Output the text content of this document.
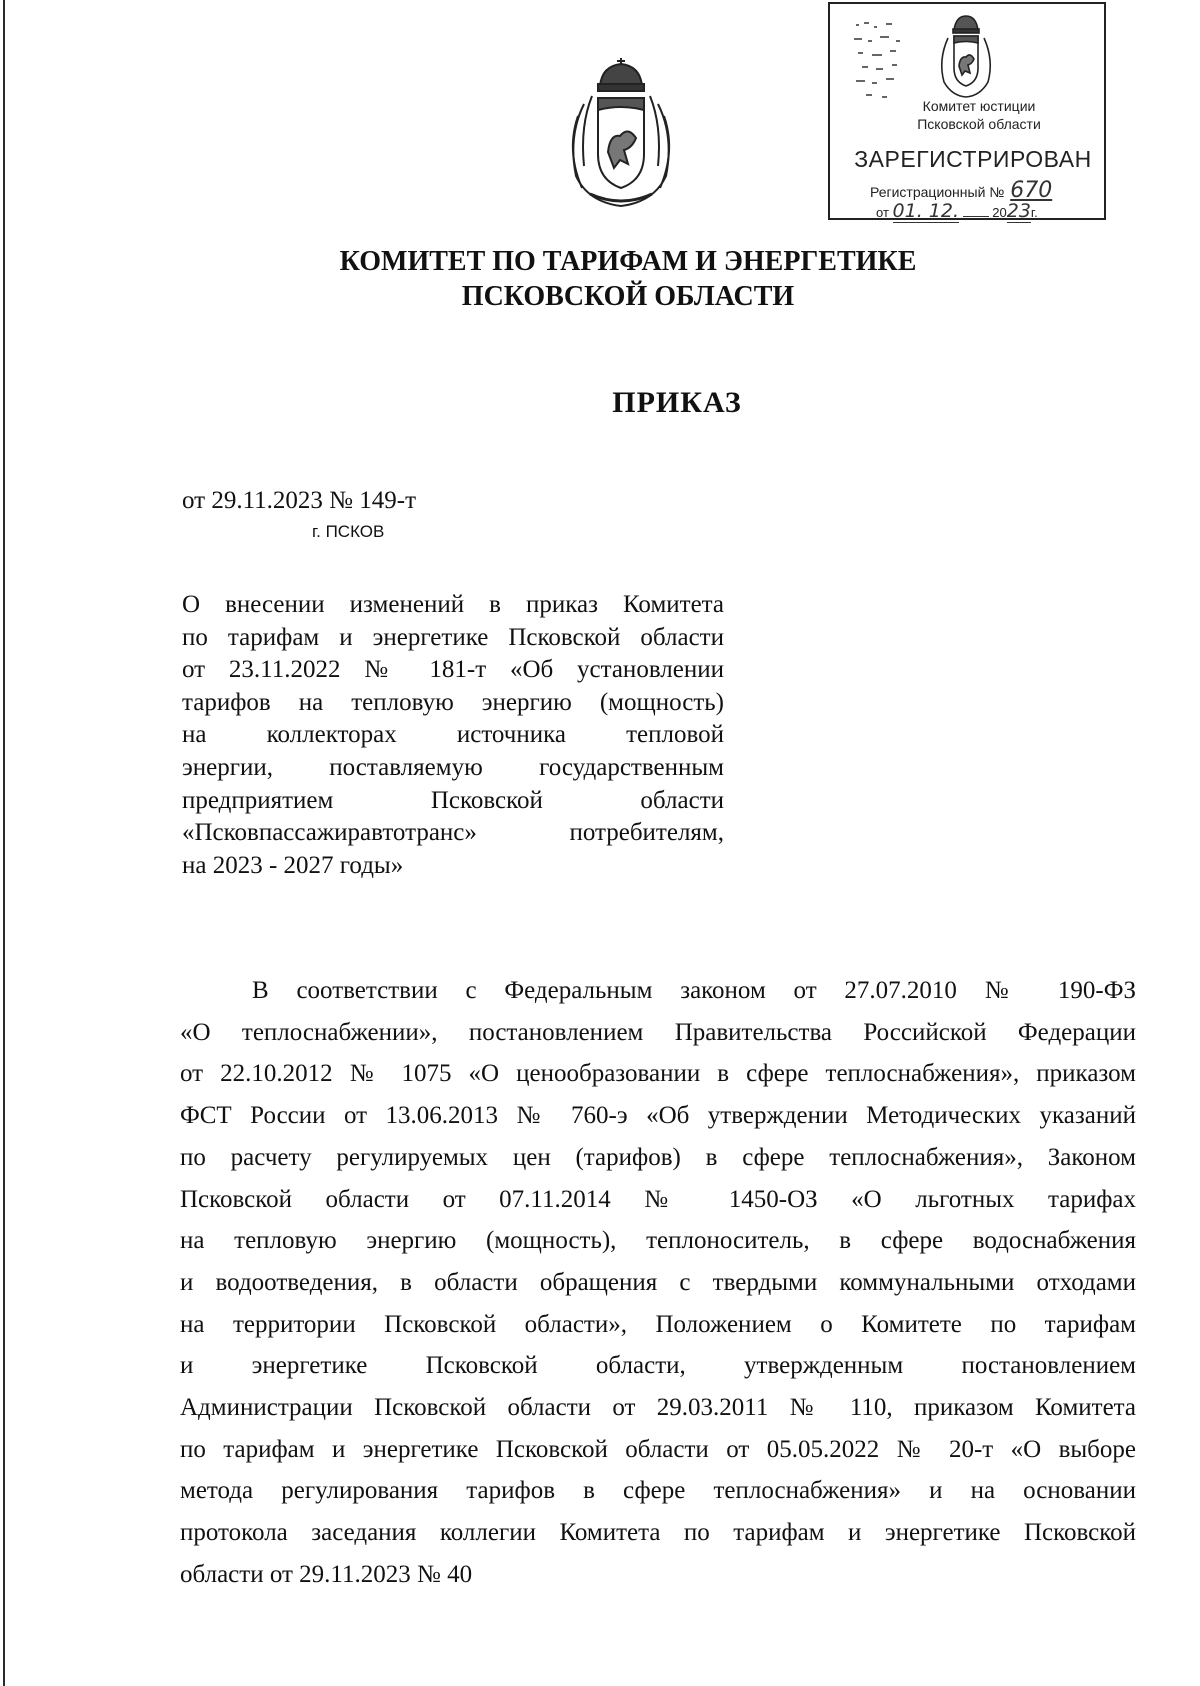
Комитет юстиции
Псковской области
ЗАРЕГИСТРИРОВАН
Регистрационный № 670
от 01. 12.	2023г.
КОМИТЕТ ПО ТАРИФАМ И ЭНЕРГЕТИКЕ
ПСКОВСКОЙ ОБЛАСТИ
ПРИКАЗ
от 29.11.2023 № 149-т
г. ПСКОВ
О внесении изменений в приказ Комитета
по тарифам и энергетике Псковской области
от 23.11.2022 № 181-т «Об установлении
тарифов на тепловую энергию (мощность)
на коллекторах источника тепловой
энергии, поставляемую государственным
предприятием Псковской области
«Псковпассажиравтотранс» потребителям,
на 2023 - 2027 годы»
В соответствии с Федеральным законом от 27.07.2010 № 190-ФЗ
«О теплоснабжении», постановлением Правительства Российской Федерации
от 22.10.2012 № 1075 «О ценообразовании в сфере теплоснабжения», приказом
ФСТ России от 13.06.2013 № 760-э «Об утверждении Методических указаний
по расчету регулируемых цен (тарифов) в сфере теплоснабжения», Законом
Псковской области от 07.11.2014 № 1450-ОЗ «О льготных тарифах
на тепловую энергию (мощность), теплоноситель, в сфере водоснабжения
и водоотведения, в области обращения с твердыми коммунальными отходами
на территории Псковской области», Положением о Комитете по тарифам
и энергетике Псковской области, утвержденным постановлением
Администрации Псковской области от 29.03.2011 № 110, приказом Комитета
по тарифам и энергетике Псковской области от 05.05.2022 № 20-т «О выборе
метода регулирования тарифов в сфере теплоснабжения» и на основании
протокола заседания коллегии Комитета по тарифам и энергетике Псковской
области от 29.11.2023 № 40
